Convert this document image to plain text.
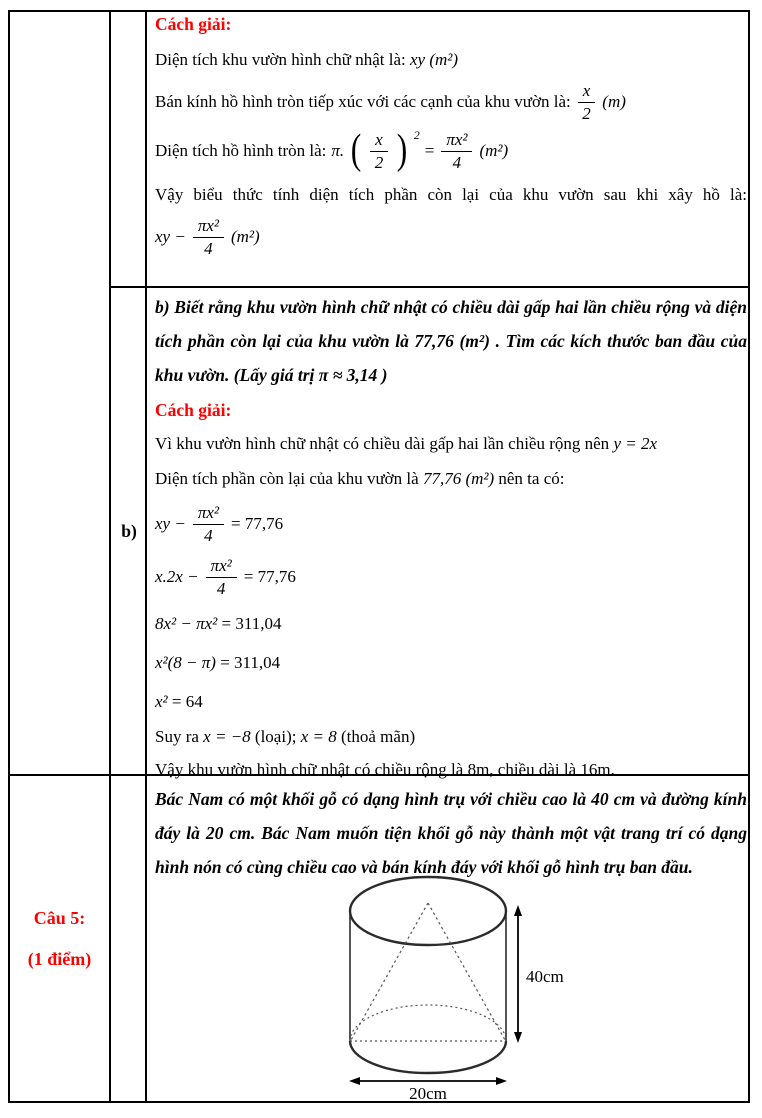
Cách giải:
Diện tích khu vườn hình chữ nhật là: xy (m²)
Bán kính hồ hình tròn tiếp xúc với các cạnh của khu vườn là: $\frac{x}{2} (m)$
Diện tích hồ hình tròn là: π. ( $\frac{x}{2}$ ) 2
= $\frac{\text{πx²}}{4} (m^2)$
Vậy biểu thức tính diện tích phần còn lại của khu vườn sau khi xây hồ là:
xy − $\frac{\text{πx²}}{4} (m^2)$
b)
b) Biết rằng khu vườn hình chữ nhật có chiều dài gấp hai lần chiều rộng và diện tích phần còn lại của khu vườn là 77,76 (m²) . Tìm các kích thước ban đầu của khu vườn. (Lấy giá trị π ≈ 3,14 )
Cách giải:
Vì khu vườn hình chữ nhật có chiều dài gấp hai lần chiều rộng nên y = 2x
Diện tích phần còn lại của khu vườn là 77,76 (m²) nên ta có:
xy − $\frac{\text{πx²}}{4} = 77,76$
$x.2x - \frac{\text{πx²}}{4} = 77,76$
8x² − πx² = 311,04
x²(8 − π) = 311,04
x² = 64
Suy ra x = −8 (loại); x = 8 (thoả mãn)
Vậy khu vườn hình chữ nhật có chiều rộng là 8m, chiều dài là 16m.
Câu 5:
(1 điểm)
Bác Nam có một khối gỗ có dạng hình trụ với chiều cao là 40 cm và đường kính đáy là 20 cm. Bác Nam muốn tiện khối gỗ này thành một vật trang trí có dạng hình nón có cùng chiều cao và bán kính đáy với khối gỗ hình trụ ban đầu.
40cm
20cm
